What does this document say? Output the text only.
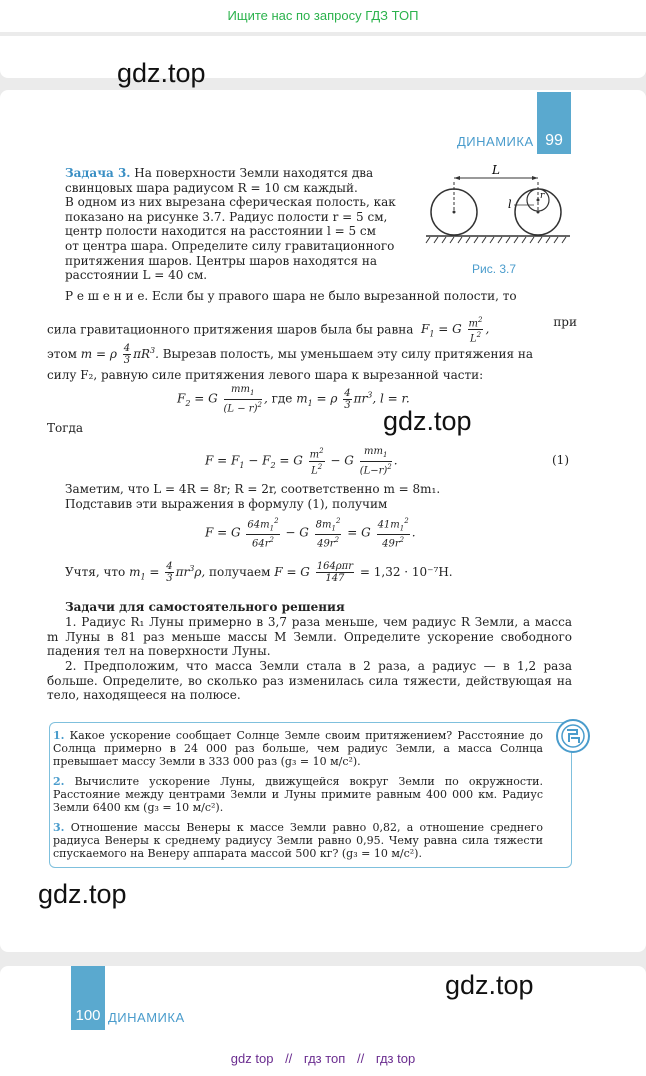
Ищите нас по запросу ГДЗ ТОП
gdz.top
99
ДИНАМИКА
Задача 3. На поверхности Земли находятся два
свинцовых шара радиусом R = 10 см каждый.
В одном из них вырезана сферическая полость, как
показано на рисунке 3.7. Радиус полости r = 5 см,
центр полости находится на расстоянии l = 5 см
от центра шара. Определите силу гравитационного
притяжения шаров. Центры шаров находятся на
расстоянии L = 40 см.
L
l
r
Рис. 3.7
Р е ш е н и е. Если бы у правого шара не было вырезанной полости, то
сила гравитационного притяжения шаров была бы равна  $F_1 = G \frac{m^2}{L^2}$ ,
при
этом m = ρ $\frac{4}{3} \pi R^3$. Вырезав полость, мы уменьшаем эту силу притяжения на
силу F₂, равную силе притяжения левого шара к вырезанной части:
$F_2 = G \frac{mm_1}{(L - r)^2}$ , где $m_1 = \rho \frac{4}{3} \pi r^3$, l = r.
gdz.top
Тогда
$F = F_1 - F_2 = G \frac{m^2}{L^2} - G \frac{mm_1}{(L-r)^2}$ .	(1)
Заметим, что L = 4R = 8r; R = 2r, соответственно m = 8m₁.
Подставив эти выражения в формулу (1), получим
F = G $\frac{64m_1^2}{64r^2} - G \frac{8m_1^2}{49r^2} = G \frac{41m_1^2}{49r^2}$ .
Учтя, что $m_1 = \frac{4}{3} \pi r^3\rho$, получаем F = G $\frac{\text{164ρπr}}{147} = 1,32 \cdot 10^{-7}Н$.
Задачи для самостоятельного решения
1. Радиус R₁ Луны примерно в 3,7 раза меньше, чем радиус R Земли, а масса m Луны в 81 раз меньше массы M Земли. Определите ускорение свободного падения тел на поверхности Луны.
2. Предположим, что масса Земли стала в 2 раза, а радиус — в 1,2 раза больше. Определите, во сколько раз изменилась сила тяжести, действующая на тело, находящееся на полюсе.
1. Какое ускорение сообщает Солнце Земле своим притяжением? Расстояние до Солнца примерно в 24 000 раз больше, чем радиус Земли, а масса Солнца превышает массу Земли в 333 000 раз (g₃ = 10 м/с²).
2. Вычислите ускорение Луны, движущейся вокруг Земли по окружности. Расстояние между центрами Земли и Луны примите равным 400 000 км. Радиус Земли 6400 км (g₃ = 10 м/с²).
3. Отношение массы Венеры к массе Земли равно 0,82, а отношение среднего радиуса Венеры к среднему радиусу Земли равно 0,95. Чему равна сила тяжести спускаемого на Венеру аппарата массой 500 кг? (g₃ = 10 м/с²).
gdz.top
gdz.top
100 ДИНАМИКА
gdz top // гдз топ // гдз top
